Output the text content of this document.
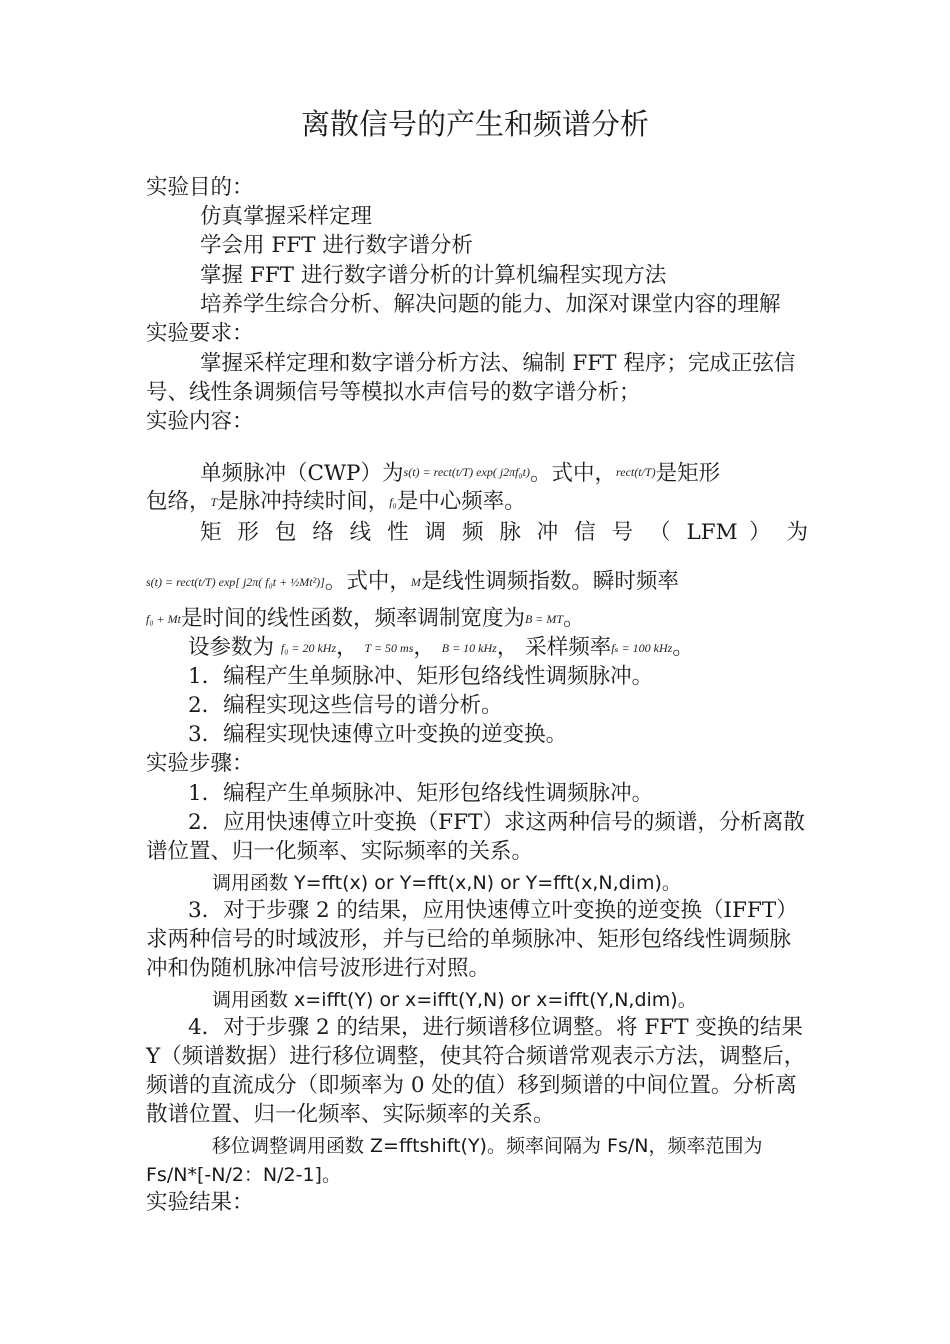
离散信号的产生和频谱分析
实验目的：
仿真掌握采样定理
学会用 FFT 进行数字谱分析
掌握 FFT 进行数字谱分析的计算机编程实现方法
培养学生综合分析、解决问题的能力、加深对课堂内容的理解
实验要求：
掌握采样定理和数字谱分析方法、编制 FFT 程序；完成正弦信
号、线性条调频信号等模拟水声信号的数字谱分析；
实验内容：
单频脉冲（CWP）为s(t) = rect(t/T) exp( j2πf₀t)。式中，rect(t/T)是矩形
包络，T是脉冲持续时间，f₀是中心频率。
矩 形 包 络 线 性 调 频 脉 冲 信 号 （ LFM ） 为
s(t) = rect(t/T) exp[ j2π( f₀t + ½Mt²)]。式中，M是线性调频指数。瞬时频率
f₀ + Mt是时间的线性函数，频率调制宽度为B = MT。
设参数为 f₀ = 20 kHz， T = 50 ms， B = 10 kHz， 采样频率fₛ = 100 kHz。
1．编程产生单频脉冲、矩形包络线性调频脉冲。
2．编程实现这些信号的谱分析。
3．编程实现快速傅立叶变换的逆变换。
实验步骤：
1．编程产生单频脉冲、矩形包络线性调频脉冲。
2．应用快速傅立叶变换（FFT）求这两种信号的频谱，分析离散
谱位置、归一化频率、实际频率的关系。
调用函数 Y=fft(x) or Y=fft(x,N) or Y=fft(x,N,dim)。
3．对于步骤 2 的结果，应用快速傅立叶变换的逆变换（IFFT）
求两种信号的时域波形，并与已给的单频脉冲、矩形包络线性调频脉
冲和伪随机脉冲信号波形进行对照。
调用函数 x=ifft(Y) or x=ifft(Y,N) or x=ifft(Y,N,dim)。
4．对于步骤 2 的结果，进行频谱移位调整。将 FFT 变换的结果
Y（频谱数据）进行移位调整，使其符合频谱常观表示方法，调整后，
频谱的直流成分（即频率为 0 处的值）移到频谱的中间位置。分析离
散谱位置、归一化频率、实际频率的关系。
移位调整调用函数 Z=fftshift(Y)。频率间隔为 Fs/N，频率范围为
Fs/N*[-N/2：N/2-1]。
实验结果：
